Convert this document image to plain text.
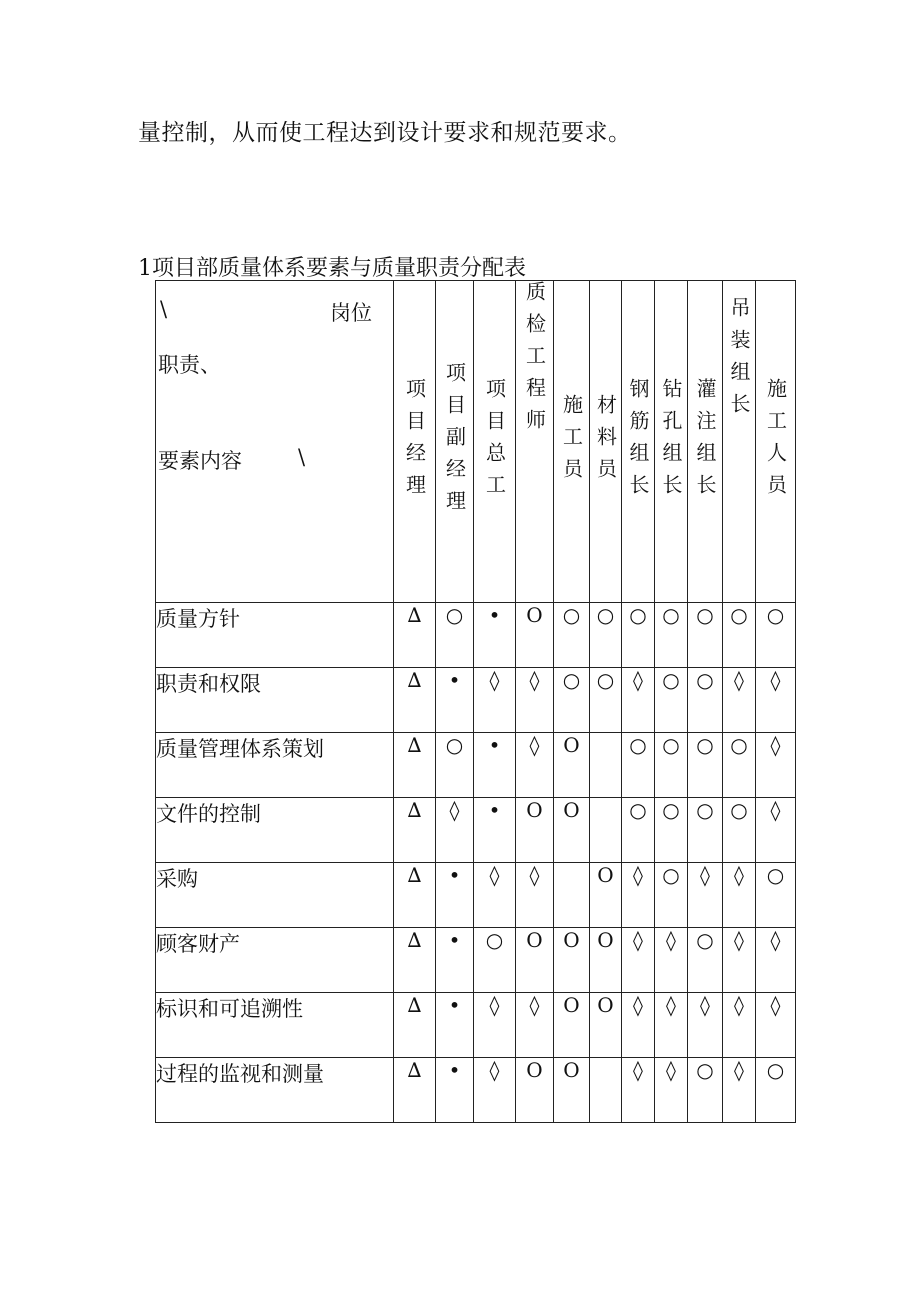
量控制，从而使工程达到设计要求和规范要求。
1项目部质量体系要素与质量职责分配表
\ 岗位
职责、
要素内容 \	项目经理	项目副经理	项目总工	质检工程师	施工员	材料员	钢筋组长	钻孔组长	灌注组长	吊装组长	施工人员

质量方针	∆	○	•	O	○	○	○	○	○	○	○
职责和权限	∆	•	◊	◊	○	○	◊	○	○	◊	◊
质量管理体系策划	∆	○	•	◊	O		○	○	○	○	◊
文件的控制	∆	◊	•	O	O		○	○	○	○	◊
采购	∆	•	◊	◊		O	◊	○	◊	◊	○
顾客财产	∆	•	○	O	O	O	◊	◊	○	◊	◊
标识和可追溯性	∆	•	◊	◊	O	O	◊	◊	◊	◊	◊
过程的监视和测量	∆	•	◊	O	O		◊	◊	○	◊	○
